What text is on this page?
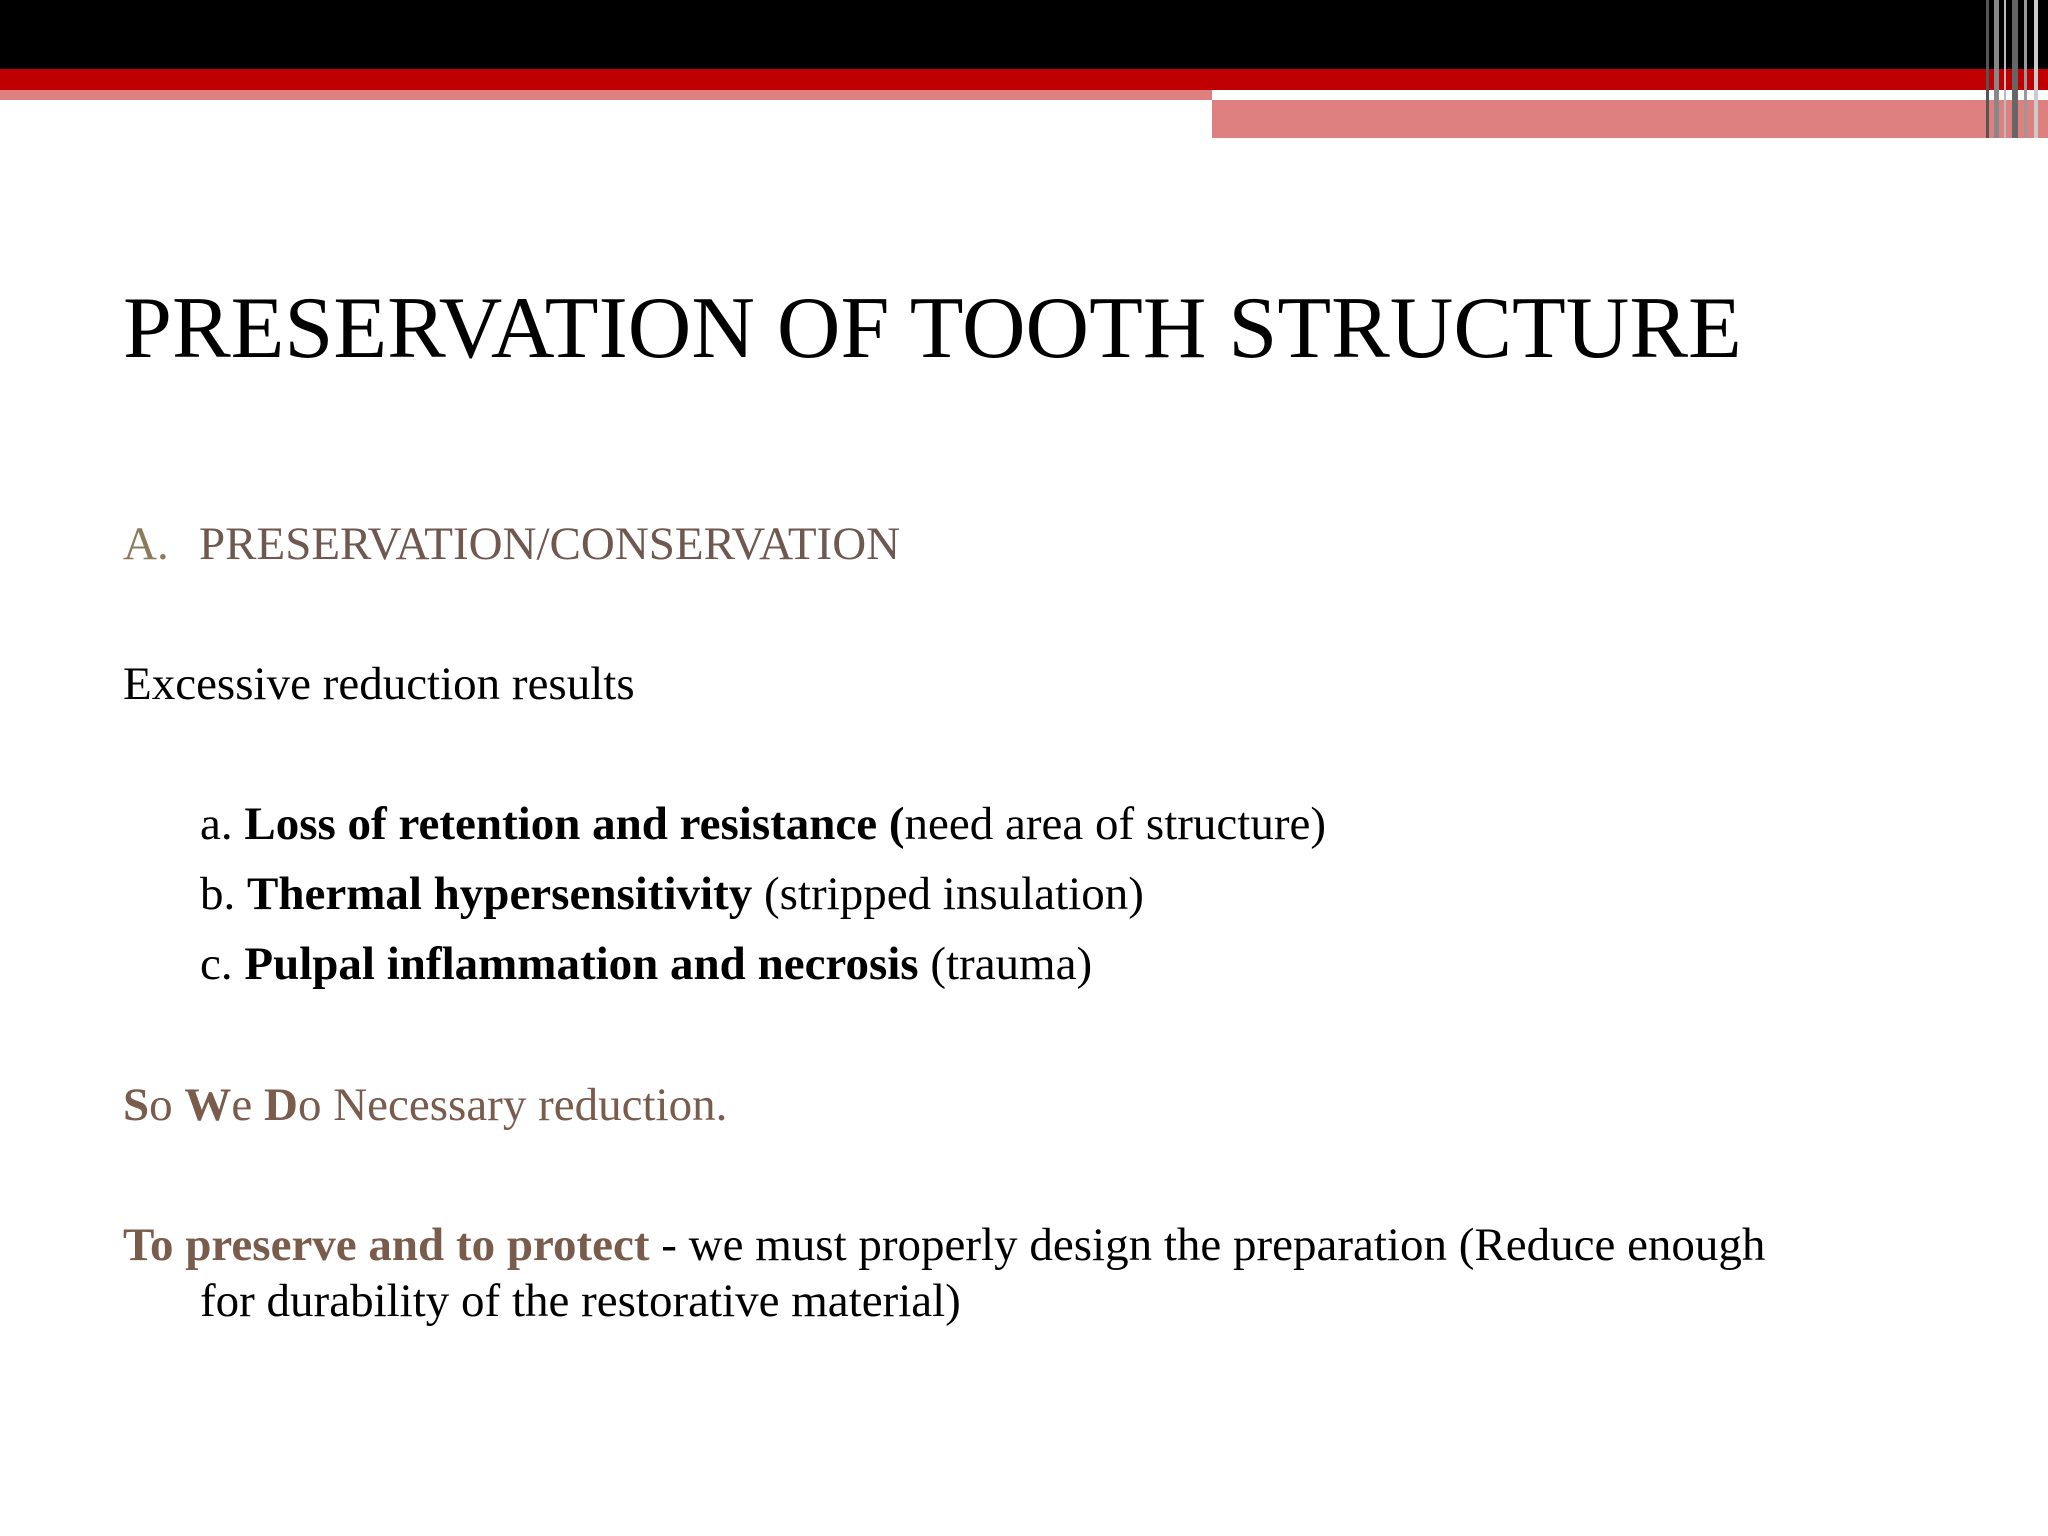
PRESERVATION OF TOOTH STRUCTURE
A. PRESERVATION/CONSERVATION
Excessive reduction results
a. Loss of retention and resistance (need area of structure)
b. Thermal hypersensitivity (stripped insulation)
c. Pulpal inflammation and necrosis (trauma)
So We Do Necessary reduction.
To preserve and to protect - we must properly design the preparation (Reduce enough
for durability of the restorative material)
